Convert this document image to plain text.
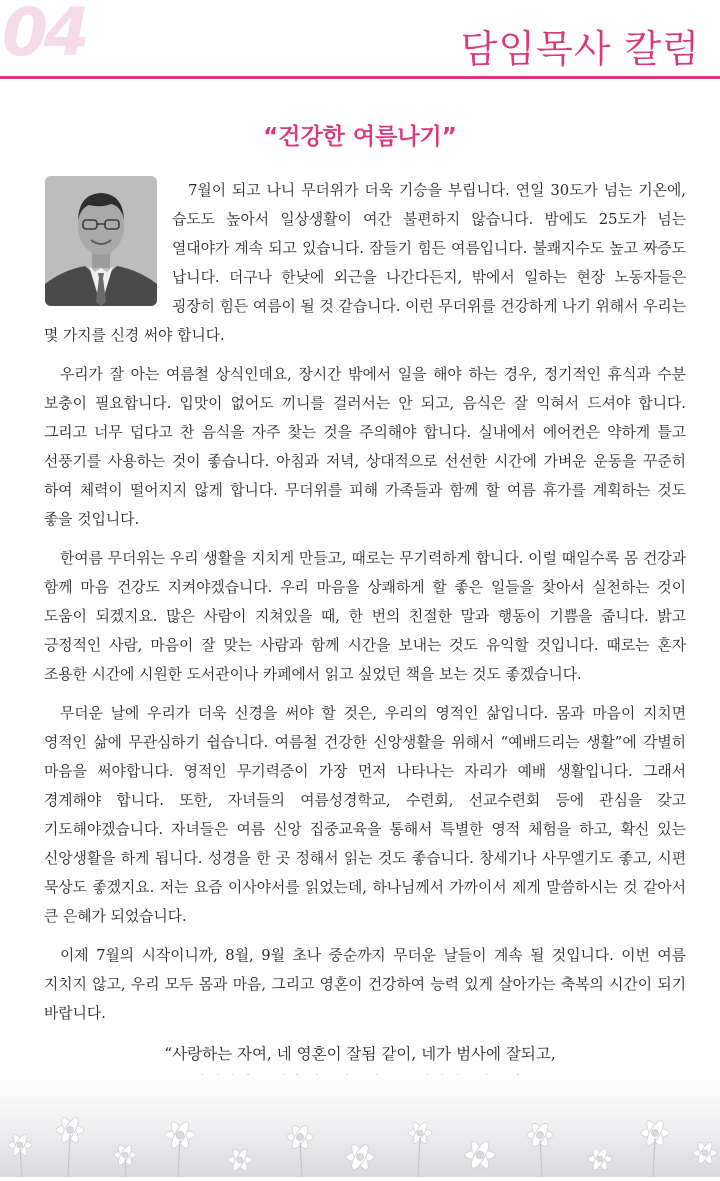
04	담임목사 칼럼
“건강한 여름나기”

7월이 되고 나니 무더위가 더욱 기승을 부립니다. 연일 30도가 넘는 기온에, 습도도 높아서 일상생활이 여간 불편하지 않습니다. 밤에도 25도가 넘는 열대야가 계속 되고 있습니다. 잠들기 힘든 여름입니다. 불쾌지수도 높고 짜증도 납니다. 더구나 한낮에 외근을 나간다든지, 밖에서 일하는 현장 노동자들은 굉장히 힘든 여름이 될 것 같습니다. 이런 무더위를 건강하게 나기 위해서 우리는 몇 가지를 신경 써야 합니다.

우리가 잘 아는 여름철 상식인데요, 장시간 밖에서 일을 해야 하는 경우, 정기적인 휴식과 수분 보충이 필요합니다. 입맛이 없어도 끼니를 걸러서는 안 되고, 음식은 잘 익혀서 드셔야 합니다. 그리고 너무 덥다고 찬 음식을 자주 찾는 것을 주의해야 합니다. 실내에서 에어컨은 약하게 틀고 선풍기를 사용하는 것이 좋습니다. 아침과 저녁, 상대적으로 선선한 시간에 가벼운 운동을 꾸준히 하여 체력이 떨어지지 않게 합니다. 무더위를 피해 가족들과 함께 할 여름 휴가를 계획하는 것도 좋을 것입니다.

한여름 무더위는 우리 생활을 지치게 만들고, 때로는 무기력하게 합니다. 이럴 때일수록 몸 건강과 함께 마음 건강도 지켜야겠습니다. 우리 마음을 상쾌하게 할 좋은 일들을 찾아서 실천하는 것이 도움이 되겠지요. 많은 사람이 지쳐있을 때, 한 번의 친절한 말과 행동이 기쁨을 줍니다. 밝고 긍정적인 사람, 마음이 잘 맞는 사람과 함께 시간을 보내는 것도 유익할 것입니다. 때로는 혼자 조용한 시간에 시원한 도서관이나 카페에서 읽고 싶었던 책을 보는 것도 좋겠습니다.

무더운 날에 우리가 더욱 신경을 써야 할 것은, 우리의 영적인 삶입니다. 몸과 마음이 지치면 영적인 삶에 무관심하기 쉽습니다. 여름철 건강한 신앙생활을 위해서 “예배드리는 생활”에 각별히 마음을 써야합니다. 영적인 무기력증이 가장 먼저 나타나는 자리가 예배 생활입니다. 그래서 경계해야 합니다. 또한, 자녀들의 여름성경학교, 수련회, 선교수련회 등에 관심을 갖고 기도해야겠습니다. 자녀들은 여름 신앙 집중교육을 통해서 특별한 영적 체험을 하고, 확신 있는 신앙생활을 하게 됩니다. 성경을 한 곳 정해서 읽는 것도 좋습니다. 창세기나 사무엘기도 좋고, 시편 묵상도 좋겠지요. 저는 요즘 이사야서를 읽었는데, 하나님께서 가까이서 제게 말씀하시는 것 같아서 큰 은혜가 되었습니다.

이제 7월의 시작이니까, 8월, 9월 초나 중순까지 무더운 날들이 계속 될 것입니다. 이번 여름 지치지 않고, 우리 모두 몸과 마음, 그리고 영혼이 건강하여 능력 있게 살아가는 축복의 시간이 되기 바랍니다.

“사랑하는 자여, 네 영혼이 잘됨 같이, 네가 범사에 잘되고,
